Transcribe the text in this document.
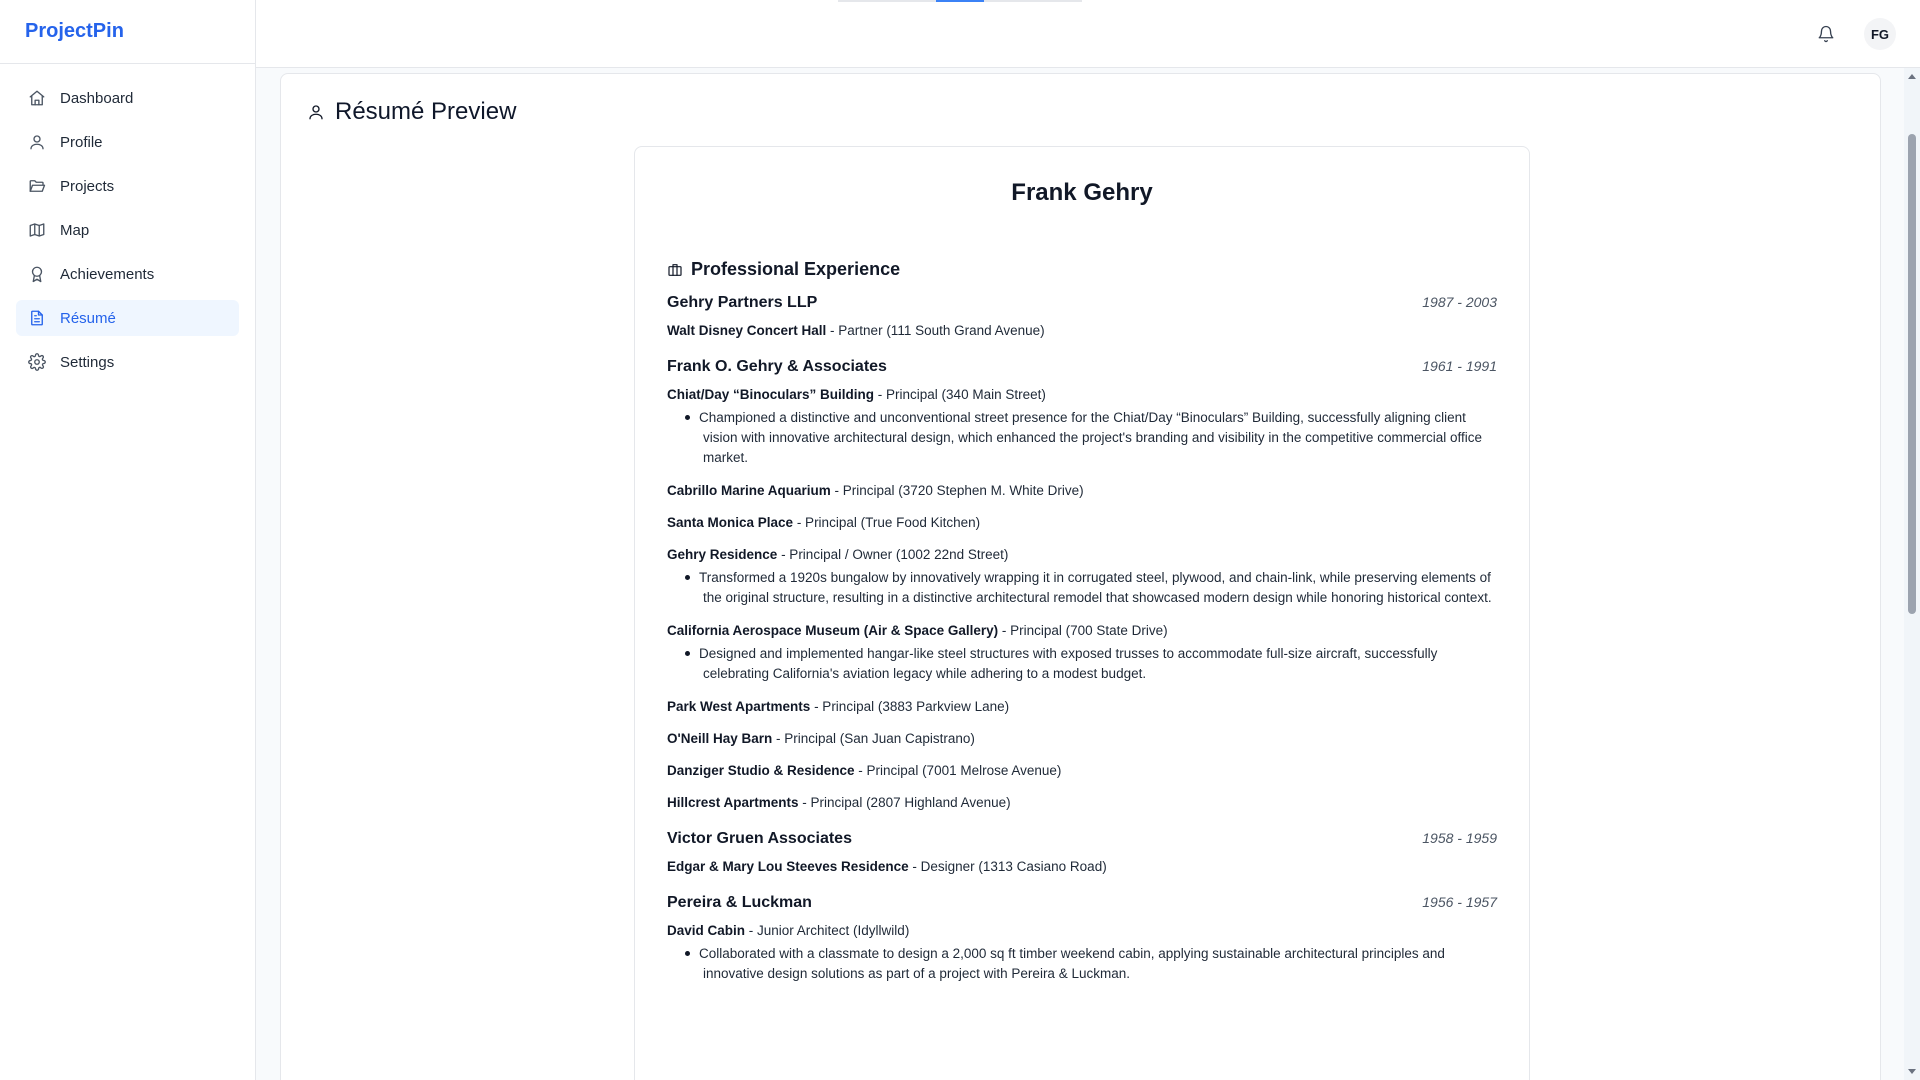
ProjectPin
Dashboard
Profile
Projects
Map
Achievements
Résumé
Settings
FG
Résumé Preview
Frank Gehry
Professional Experience
Gehry Partners LLP	1987 - 2003
Walt Disney Concert Hall - Partner (111 South Grand Avenue)
Frank O. Gehry & Associates	1961 - 1991
Chiat/Day “Binoculars” Building - Principal (340 Main Street)
Championed a distinctive and unconventional street presence for the Chiat/Day “Binoculars” Building, successfully aligning client vision with innovative architectural design, which enhanced the project's branding and visibility in the competitive commercial office market.
Cabrillo Marine Aquarium - Principal (3720 Stephen M. White Drive)
Santa Monica Place - Principal (True Food Kitchen)
Gehry Residence - Principal / Owner (1002 22nd Street)
Transformed a 1920s bungalow by innovatively wrapping it in corrugated steel, plywood, and chain-link, while preserving elements of the original structure, resulting in a distinctive architectural remodel that showcased modern design while honoring historical context.
California Aerospace Museum (Air & Space Gallery) - Principal (700 State Drive)
Designed and implemented hangar-like steel structures with exposed trusses to accommodate full-size aircraft, successfully celebrating California's aviation legacy while adhering to a modest budget.
Park West Apartments - Principal (3883 Parkview Lane)
O'Neill Hay Barn - Principal (San Juan Capistrano)
Danziger Studio & Residence - Principal (7001 Melrose Avenue)
Hillcrest Apartments - Principal (2807 Highland Avenue)
Victor Gruen Associates	1958 - 1959
Edgar & Mary Lou Steeves Residence - Designer (1313 Casiano Road)
Pereira & Luckman	1956 - 1957
David Cabin - Junior Architect (Idyllwild)
Collaborated with a classmate to design a 2,000 sq ft timber weekend cabin, applying sustainable architectural principles and innovative design solutions as part of a project with Pereira & Luckman.
